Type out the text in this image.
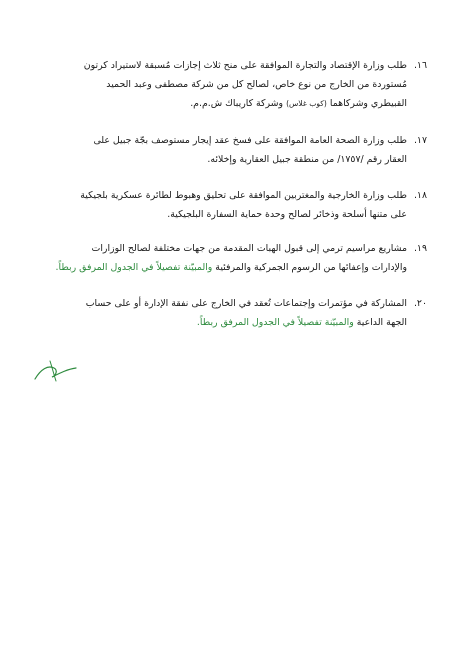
١٦.طلب وزارة الإقتصاد والتجارة الموافقة على منح ثلاث إجازات مُسبقة لاستيراد كرتون
مُستوردة من الخارج من نوع خاص، لصالح كل من شركة مصطفى وعبد الحميد
القبيطري وشركاهما (كوب غلاس) وشركة كاريباك ش.م.م.
١٧.طلب وزارة الصحة العامة الموافقة على فسخ عقد إيجار مستوصف بجّة جبيل على
العقار رقم /١٧٥٧/ من منطقة جبيل العقارية وإخلائه.
١٨.طلب وزارة الخارجية والمغتربين الموافقة على تحليق وهبوط لطائرة عسكرية بلجيكية
على متنها أسلحة وذخائر لصالح وحدة حماية السفارة البلجيكية.
١٩.مشاريع مراسيم ترمي إلى قبول الهبات المقدمة من جهات مختلفة لصالح الوزارات
والإدارات وإعفائها من الرسوم الجمركية والمرفئية والمبيّنة تفصيلاً في الجدول المرفق ربطاً.
٢٠.المشاركة في مؤتمرات وإجتماعات تُعقد في الخارج على نفقة الإدارة أو على حساب
الجهة الداعية والمبيّنة تفصيلاً في الجدول المرفق ربطاً.
